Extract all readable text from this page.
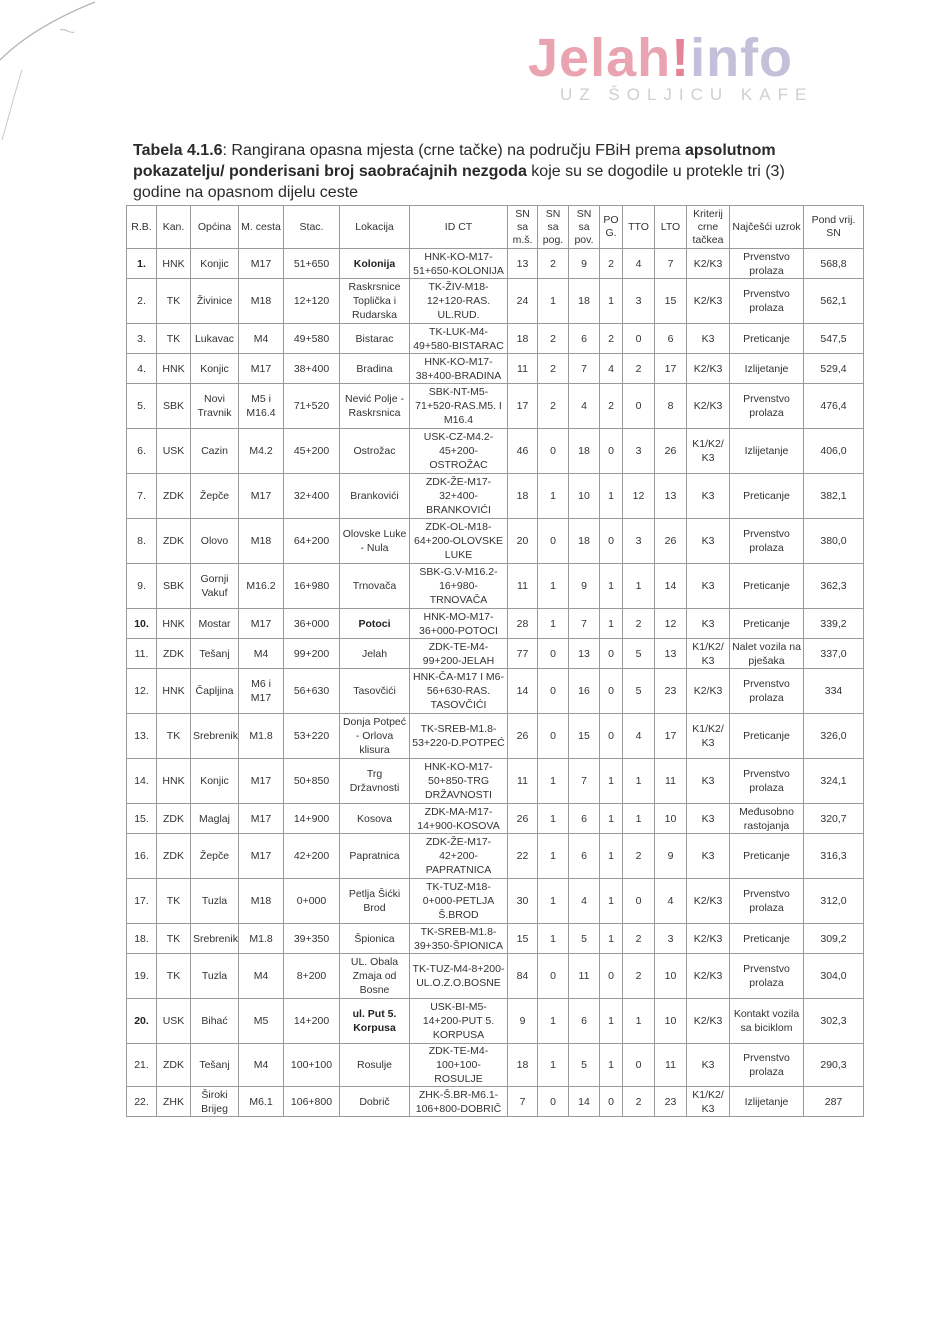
Jelah!info
UZ ŠOLJICU KAFE
Tabela 4.1.6: Rangirana opasna mjesta (crne tačke) na području FBiH prema apsolutnom pokazatelju/ ponderisani broj saobraćajnih nezgoda koje su se dogodile u protekle tri (3) godine na opasnom dijelu ceste
R.B.	Kan.	Općina	M. cesta	Stac.	Lokacija	ID CT	SN sa m.š.	SN sa pog.	SN sa pov.	PO G.	TTO	LTO	Kriterij crne tačkea	Najčešći uzrok	Pond vrij. SN
1.	HNK	Konjic	M17	51+650	Kolonija	HNK-KO-M17-51+650-KOLONIJA	13	2	9	2	4	7	K2/K3	Prvenstvo prolaza	568,8
2.	TK	Živinice	M18	12+120	Raskrsnice Toplička i Rudarska	TK-ŽIV-M18-12+120-RAS. UL.RUD.	24	1	18	1	3	15	K2/K3	Prvenstvo prolaza	562,1
3.	TK	Lukavac	M4	49+580	Bistarac	TK-LUK-M4-49+580-BISTARAC	18	2	6	2	0	6	K3	Preticanje	547,5
4.	HNK	Konjic	M17	38+400	Bradina	HNK-KO-M17-38+400-BRADINA	11	2	7	4	2	17	K2/K3	Izlijetanje	529,4
5.	SBK	Novi Travnik	M5 i M16.4	71+520	Nević Polje - Raskrsnica	SBK-NT-M5-71+520-RAS.M5. I M16.4	17	2	4	2	0	8	K2/K3	Prvenstvo prolaza	476,4
6.	USK	Cazin	M4.2	45+200	Ostrožac	USK-CZ-M4.2-45+200-OSTROŽAC	46	0	18	0	3	26	K1/K2/ K3	Izlijetanje	406,0
7.	ZDK	Žepče	M17	32+400	Brankovići	ZDK-ŽE-M17-32+400-BRANKOVIĆI	18	1	10	1	12	13	K3	Preticanje	382,1
8.	ZDK	Olovo	M18	64+200	Olovske Luke - Nula	ZDK-OL-M18-64+200-OLOVSKE LUKE	20	0	18	0	3	26	K3	Prvenstvo prolaza	380,0
9.	SBK	Gornji Vakuf	M16.2	16+980	Trnovača	SBK-G.V-M16.2-16+980-TRNOVAČA	11	1	9	1	1	14	K3	Preticanje	362,3
10.	HNK	Mostar	M17	36+000	Potoci	HNK-MO-M17-36+000-POTOCI	28	1	7	1	2	12	K3	Preticanje	339,2
11.	ZDK	Tešanj	M4	99+200	Jelah	ZDK-TE-M4-99+200-JELAH	77	0	13	0	5	13	K1/K2/ K3	Nalet vozila na pješaka	337,0
12.	HNK	Čapljina	M6 i M17	56+630	Tasovčići	HNK-ČA-M17 I M6-56+630-RAS. TASOVČIĆI	14	0	16	0	5	23	K2/K3	Prvenstvo prolaza	334
13.	TK	Srebrenik	M1.8	53+220	Donja Potpeć - Orlova klisura	TK-SREB-M1.8-53+220-D.POTPEĆ	26	0	15	0	4	17	K1/K2/ K3	Preticanje	326,0
14.	HNK	Konjic	M17	50+850	Trg Državnosti	HNK-KO-M17-50+850-TRG DRŽAVNOSTI	11	1	7	1	1	11	K3	Prvenstvo prolaza	324,1
15.	ZDK	Maglaj	M17	14+900	Kosova	ZDK-MA-M17-14+900-KOSOVA	26	1	6	1	1	10	K3	Međusobno rastojanja	320,7
16.	ZDK	Žepče	M17	42+200	Papratnica	ZDK-ŽE-M17-42+200-PAPRATNICA	22	1	6	1	2	9	K3	Preticanje	316,3
17.	TK	Tuzla	M18	0+000	Petlja Šićki Brod	TK-TUZ-M18-0+000-PETLJA Š.BROD	30	1	4	1	0	4	K2/K3	Prvenstvo prolaza	312,0
18.	TK	Srebrenik	M1.8	39+350	Špionica	TK-SREB-M1.8-39+350-ŠPIONICA	15	1	5	1	2	3	K2/K3	Preticanje	309,2
19.	TK	Tuzla	M4	8+200	UL. Obala Zmaja od Bosne	TK-TUZ-M4-8+200-UL.O.Z.O.BOSNE	84	0	11	0	2	10	K2/K3	Prvenstvo prolaza	304,0
20.	USK	Bihać	M5	14+200	ul. Put 5. Korpusa	USK-BI-M5-14+200-PUT 5. KORPUSA	9	1	6	1	1	10	K2/K3	Kontakt vozila sa biciklom	302,3
21.	ZDK	Tešanj	M4	100+100	Rosulje	ZDK-TE-M4-100+100-ROSULJE	18	1	5	1	0	11	K3	Prvenstvo prolaza	290,3
22.	ZHK	Široki Brijeg	M6.1	106+800	Dobrič	ZHK-Š.BR-M6.1-106+800-DOBRIČ	7	0	14	0	2	23	K1/K2/ K3	Izlijetanje	287
